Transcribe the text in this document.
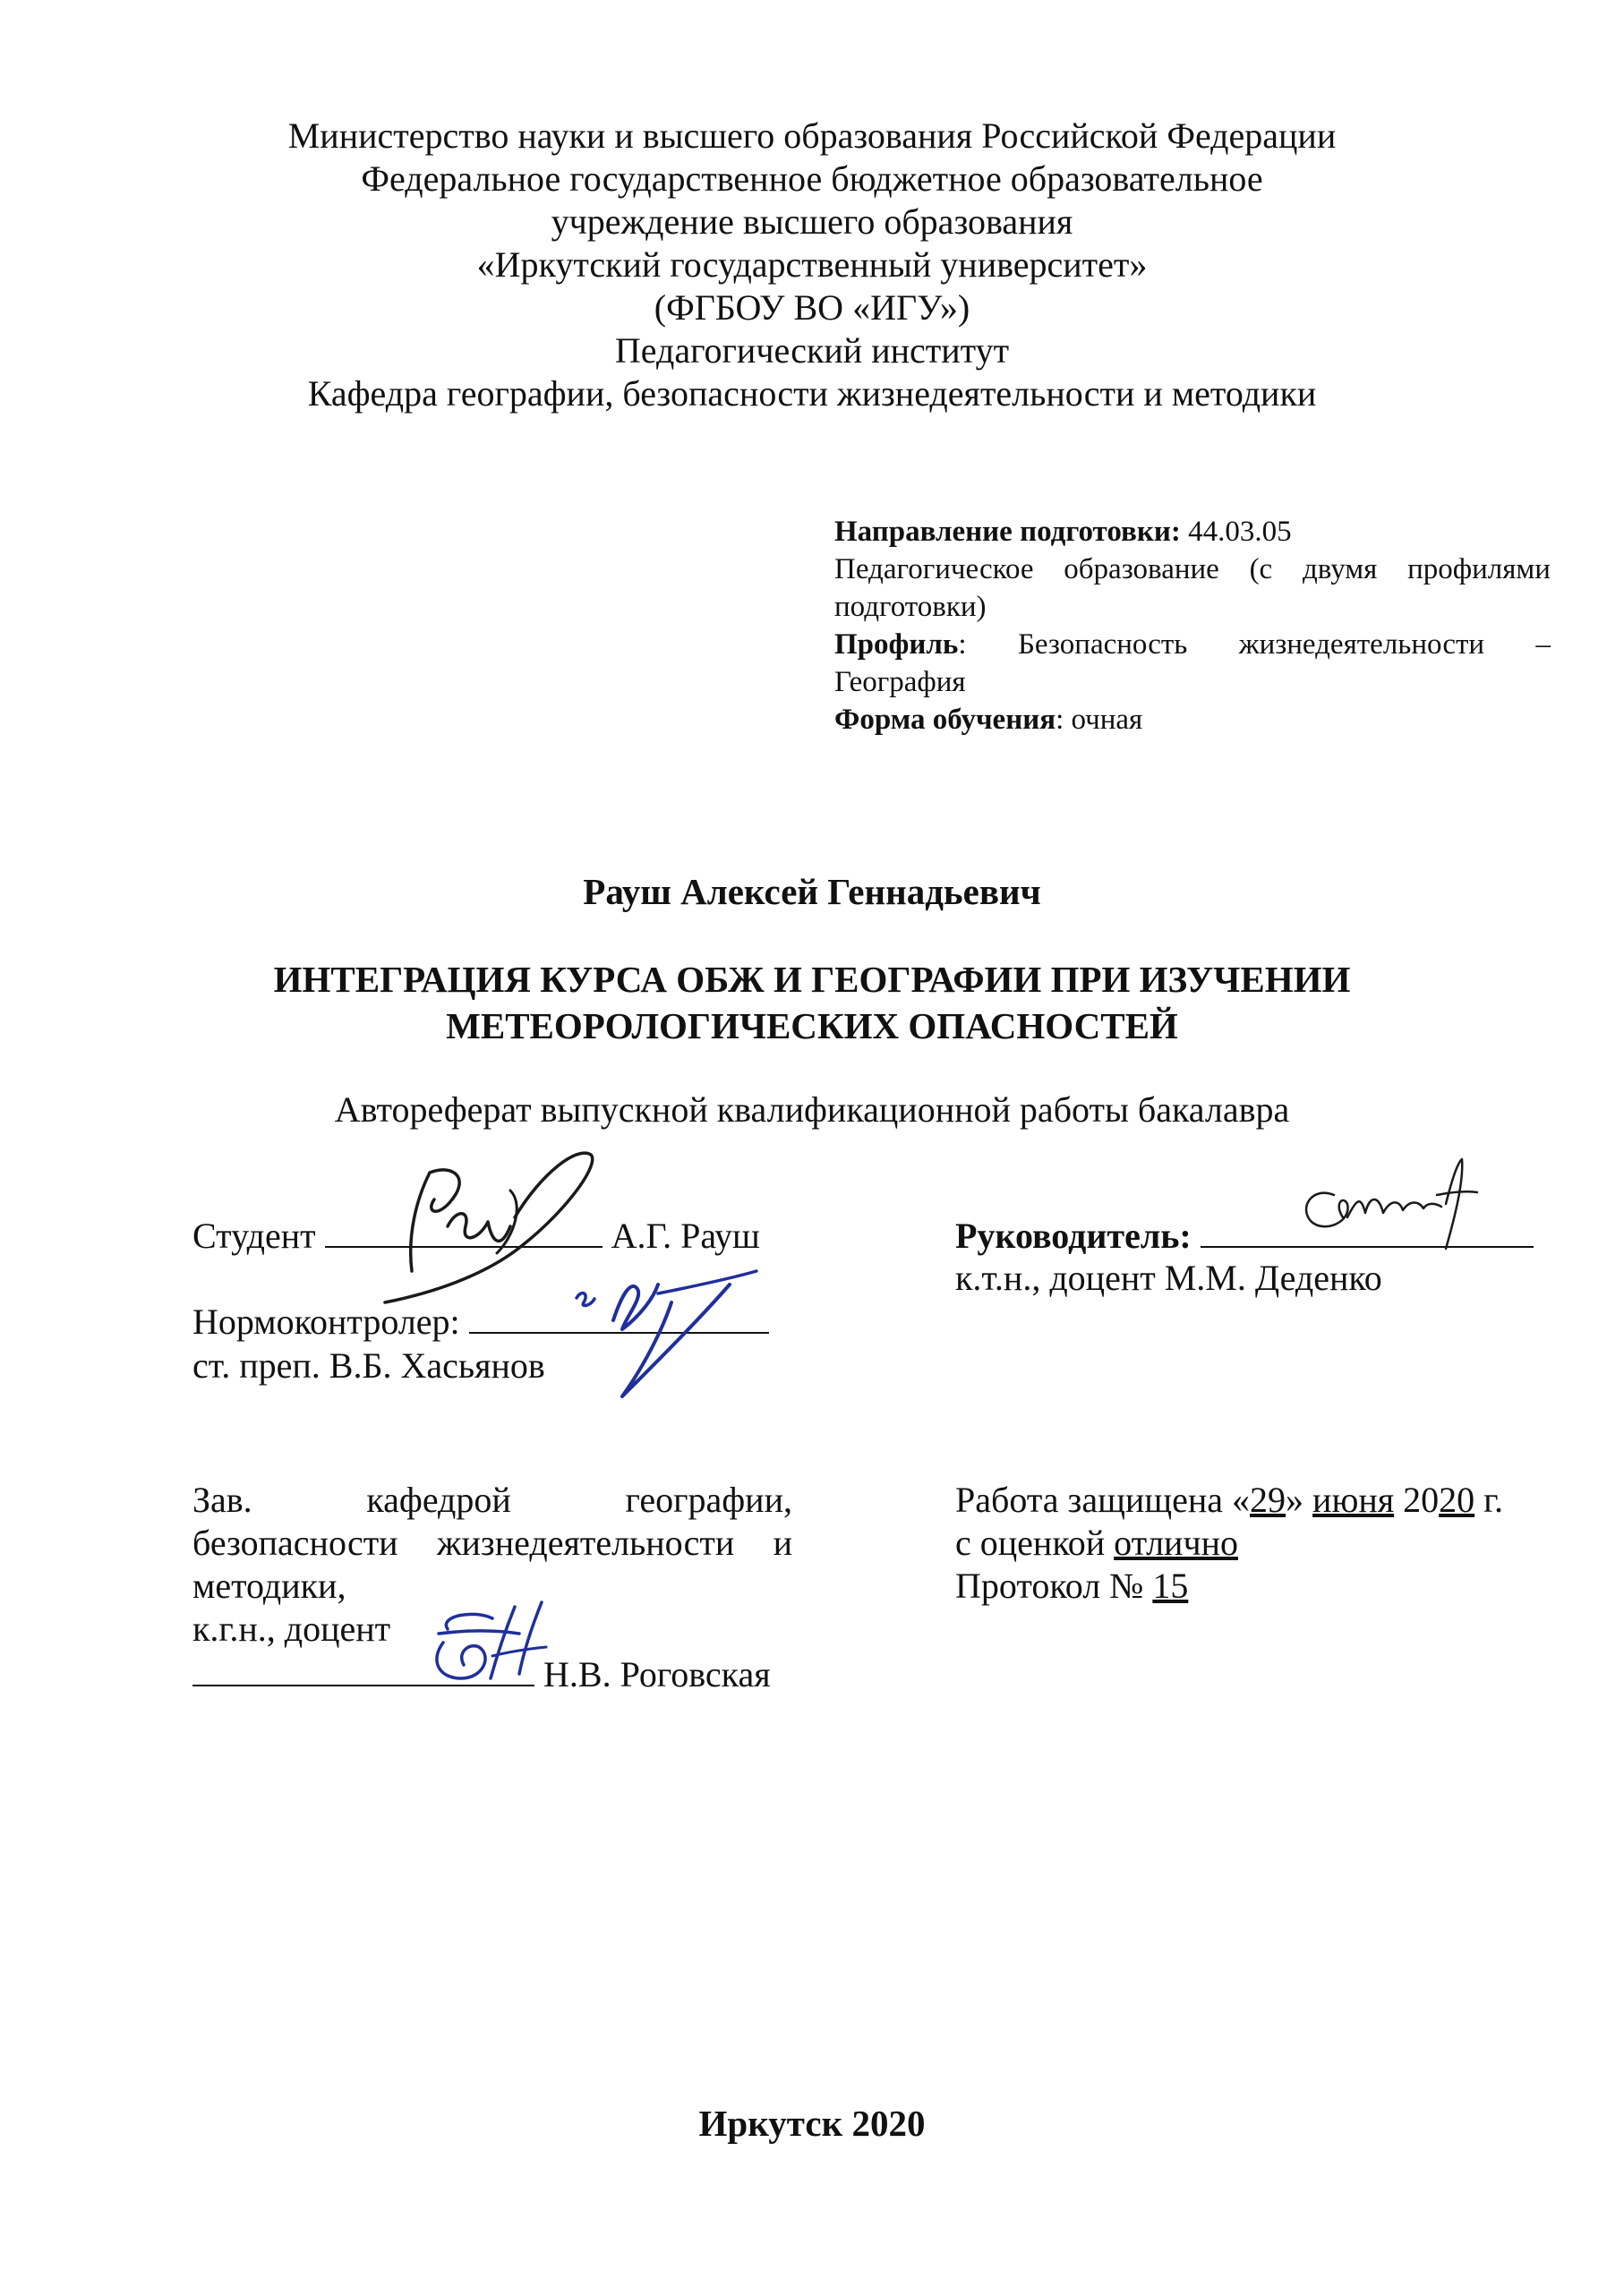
Министерство науки и высшего образования Российской Федерации
Федеральное государственное бюджетное образовательное
учреждение высшего образования
«Иркутский государственный университет»
(ФГБОУ ВО «ИГУ»)
Педагогический институт
Кафедра географии, безопасности жизнедеятельности и методики
Направление подготовки: 44.03.05
Педагогическое образование (с двумя профилями
подготовки)
Профиль: Безопасность жизнедеятельности –
География
Форма обучения: очная
Рауш Алексей Геннадьевич
ИНТЕГРАЦИЯ КУРСА ОБЖ И ГЕОГРАФИИ ПРИ ИЗУЧЕНИИ
МЕТЕОРОЛОГИЧЕСКИХ ОПАСНОСТЕЙ
Автореферат выпускной квалификационной работы бакалавра
Студент	А.Г. Рауш
Нормоконтролер:
ст. преп. В.Б. Хасьянов
Руководитель:
к.т.н., доцент М.М. Деденко
Зав.	кафедрой	географии,
безопасности жизнедеятельности и
методики,
к.г.н., доцент
Н.В. Роговская
Работа защищена «29» июня 2020 г.
с оценкой отлично
Протокол № 15
Иркутск 2020
